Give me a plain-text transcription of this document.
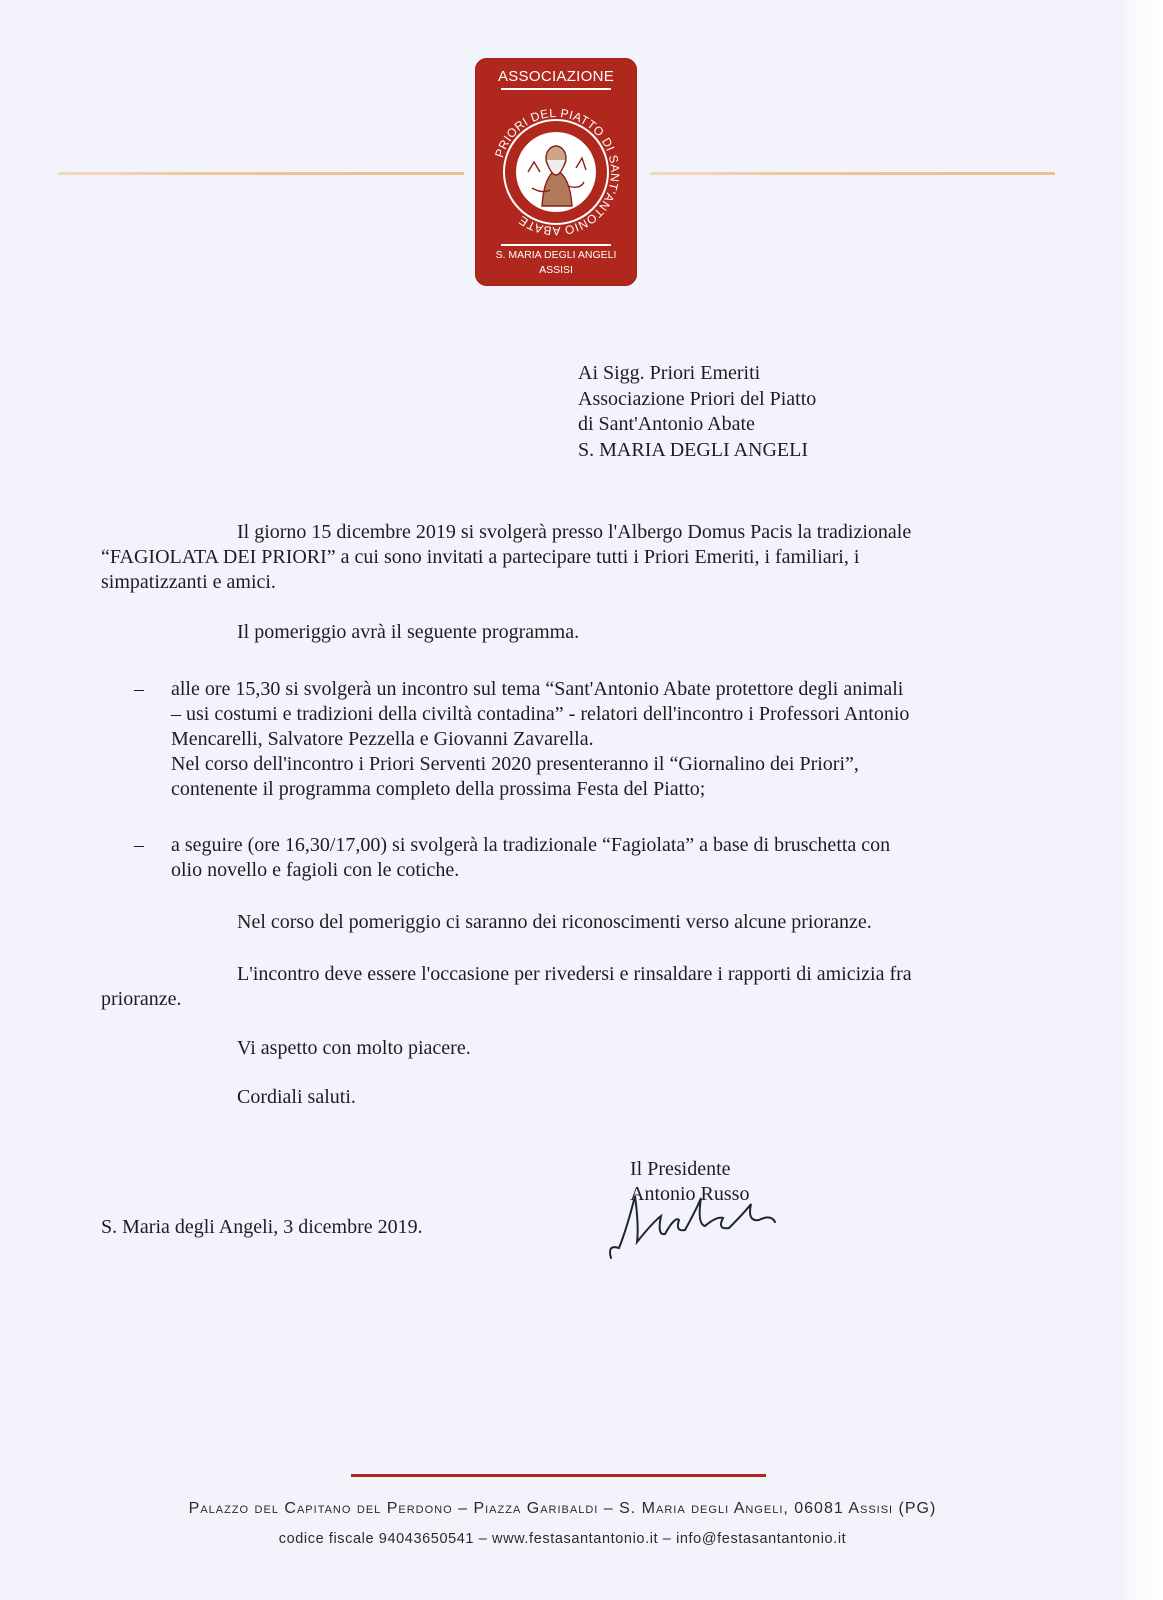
ASSOCIAZIONE
PRIORI DEL PIATTO DI SANT'ANTONIO ABATE
S. MARIA DEGLI ANGELI
ASSISI
Ai Sigg. Priori Emeriti
Associazione Priori del Piatto
di Sant'Antonio Abate
S. MARIA DEGLI ANGELI
Il giorno 15 dicembre 2019 si svolgerà presso l'Albergo Domus Pacis la tradizionale
“FAGIOLATA DEI PRIORI” a cui sono invitati a partecipare tutti i Priori Emeriti, i familiari, i
simpatizzanti e amici.
Il pomeriggio avrà il seguente programma.
– alle ore 15,30 si svolgerà un incontro sul tema “Sant'Antonio Abate protettore degli animali
– usi costumi e tradizioni della civiltà contadina” - relatori dell'incontro i Professori Antonio
Mencarelli, Salvatore Pezzella e Giovanni Zavarella.
Nel corso dell'incontro i Priori Serventi 2020 presenteranno il “Giornalino dei Priori”,
contenente il programma completo della prossima Festa del Piatto;
– a seguire (ore 16,30/17,00) si svolgerà la tradizionale “Fagiolata” a base di bruschetta con
olio novello e fagioli con le cotiche.
Nel corso del pomeriggio ci saranno dei riconoscimenti verso alcune prioranze.
L'incontro deve essere l'occasione per rivedersi e rinsaldare i rapporti di amicizia fra
prioranze.
Vi aspetto con molto piacere.
Cordiali saluti.
Il Presidente
Antonio Russo
S. Maria degli Angeli, 3 dicembre 2019.
Palazzo del Capitano del Perdono – Piazza Garibaldi – S. Maria degli Angeli, 06081 Assisi (PG)
codice fiscale 94043650541 – www.festasantantonio.it – info@festasantantonio.it
